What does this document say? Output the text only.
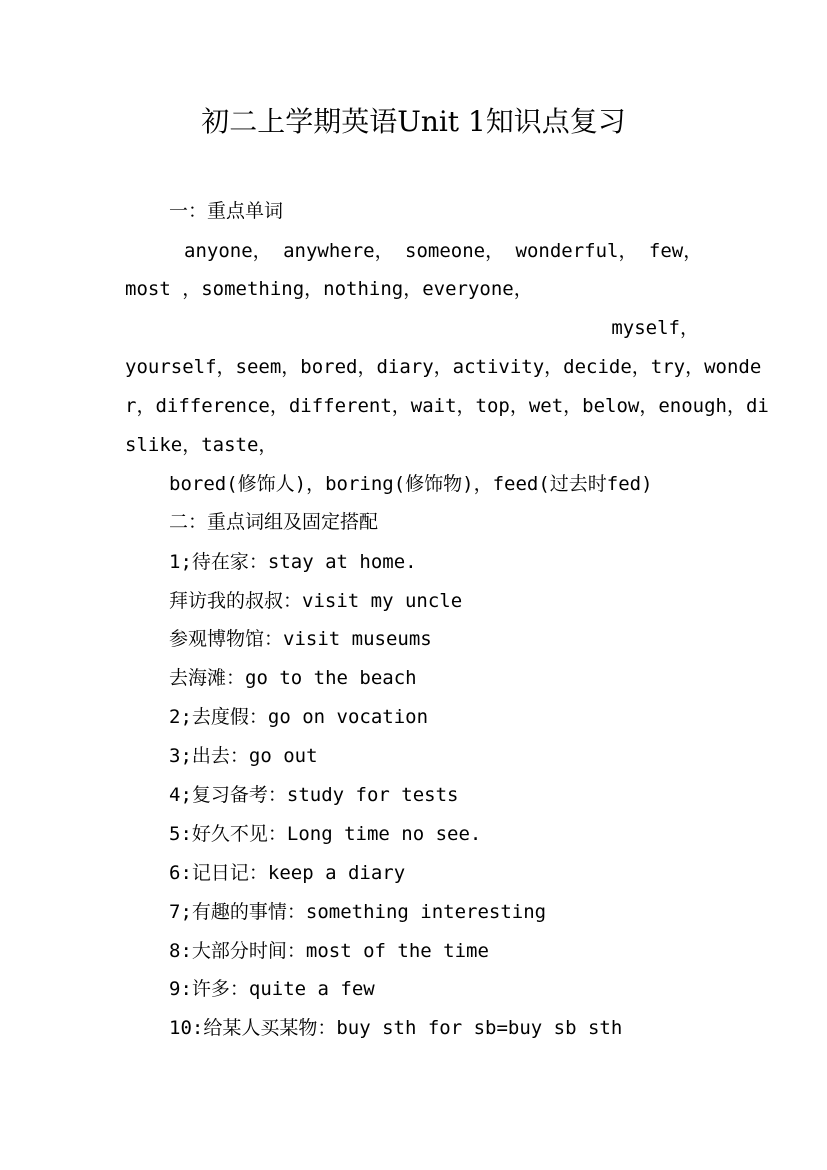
初二上学期英语Unit 1知识点复习
一：重点单词
anyone， anywhere， someone， wonderful， few，
most ，something，nothing，everyone，
myself，
yourself，seem，bored，diary，activity，decide，try，wonde
r，difference，different，wait，top，wet，below，enough，di
slike，taste，
bored(修饰人)，boring(修饰物)，feed(过去时fed)
二：重点词组及固定搭配
1;待在家：stay at home.
拜访我的叔叔：visit my uncle
参观博物馆：visit museums
去海滩：go to the beach
2;去度假：go on vocation
3;出去：go out
4;复习备考：study for tests
5:好久不见：Long time no see.
6:记日记：keep a diary
7;有趣的事情：something interesting
8:大部分时间：most of the time
9:许多：quite a few
10:给某人买某物：buy sth for sb=buy sb sth
